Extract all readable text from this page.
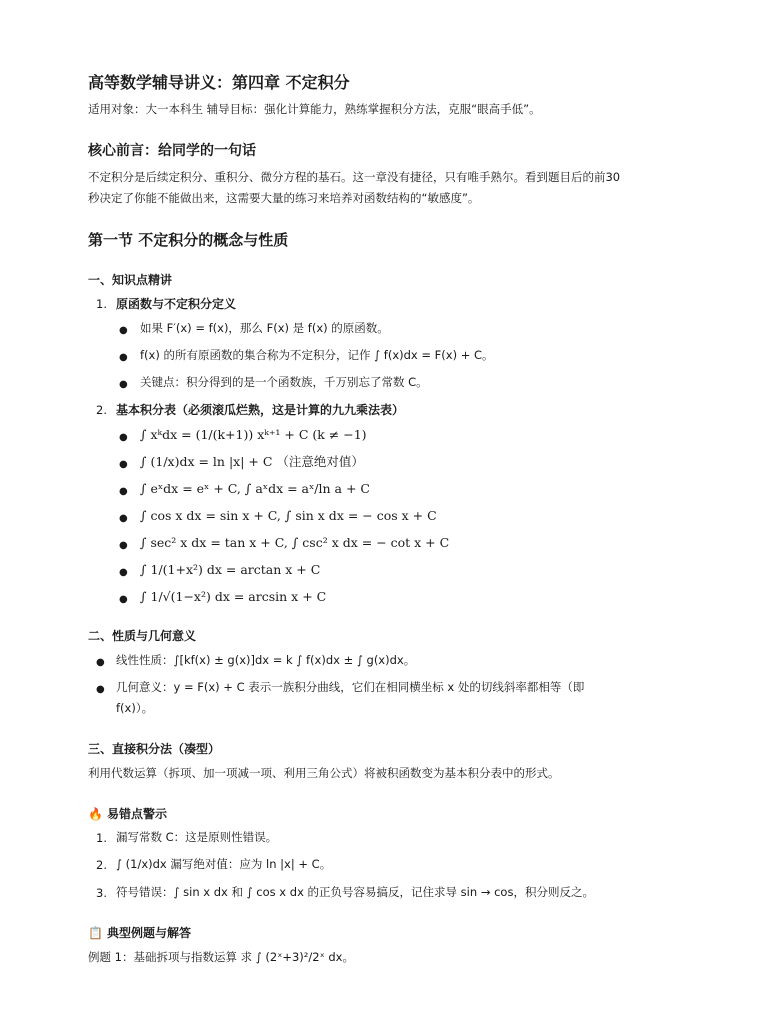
高等数学辅导讲义：第四章 不定积分
适用对象：大一本科生 辅导目标：强化计算能力，熟练掌握积分方法，克服“眼高手低”。
核心前言：给同学的一句话
不定积分是后续定积分、重积分、微分方程的基石。这一章没有捷径，只有唯手熟尔。看到题目后的前30
秒决定了你能不能做出来，这需要大量的练习来培养对函数结构的“敏感度”。
第一节 不定积分的概念与性质
一、知识点精讲
1. 原函数与不定积分定义
● 如果 F′(x) = f(x)，那么 F(x) 是 f(x) 的原函数。
● f(x) 的所有原函数的集合称为不定积分，记作 ∫ f(x)dx = F(x) + C。
● 关键点：积分得到的是一个函数族，千万别忘了常数 C。
2. 基本积分表（必须滚瓜烂熟，这是计算的九九乘法表）
● ∫ xᵏdx = (1/(k+1)) xᵏ⁺¹ + C (k ≠ −1)
● ∫ (1/x)dx = ln |x| + C （注意绝对值）
● ∫ eˣdx = eˣ + C, ∫ aˣdx = aˣ/ln a + C
● ∫ cos x dx = sin x + C, ∫ sin x dx = − cos x + C
● ∫ sec² x dx = tan x + C, ∫ csc² x dx = − cot x + C
● ∫ 1/(1+x²) dx = arctan x + C
● ∫ 1/√(1−x²) dx = arcsin x + C
二、性质与几何意义
● 线性性质：∫[kf(x) ± g(x)]dx = k ∫ f(x)dx ± ∫ g(x)dx。
● 几何意义：y = F(x) + C 表示一族积分曲线，它们在相同横坐标 x 处的切线斜率都相等（即
f(x)）。
三、直接积分法（凑型）
利用代数运算（拆项、加一项减一项、利用三角公式）将被积函数变为基本积分表中的形式。
🔥 易错点警示
1. 漏写常数 C：这是原则性错误。
2. ∫ (1/x)dx 漏写绝对值：应为 ln |x| + C。
3. 符号错误：∫ sin x dx 和 ∫ cos x dx 的正负号容易搞反，记住求导 sin → cos，积分则反之。
📋 典型例题与解答
例题 1：基础拆项与指数运算 求 ∫ (2ˣ+3)²/2ˣ dx。
